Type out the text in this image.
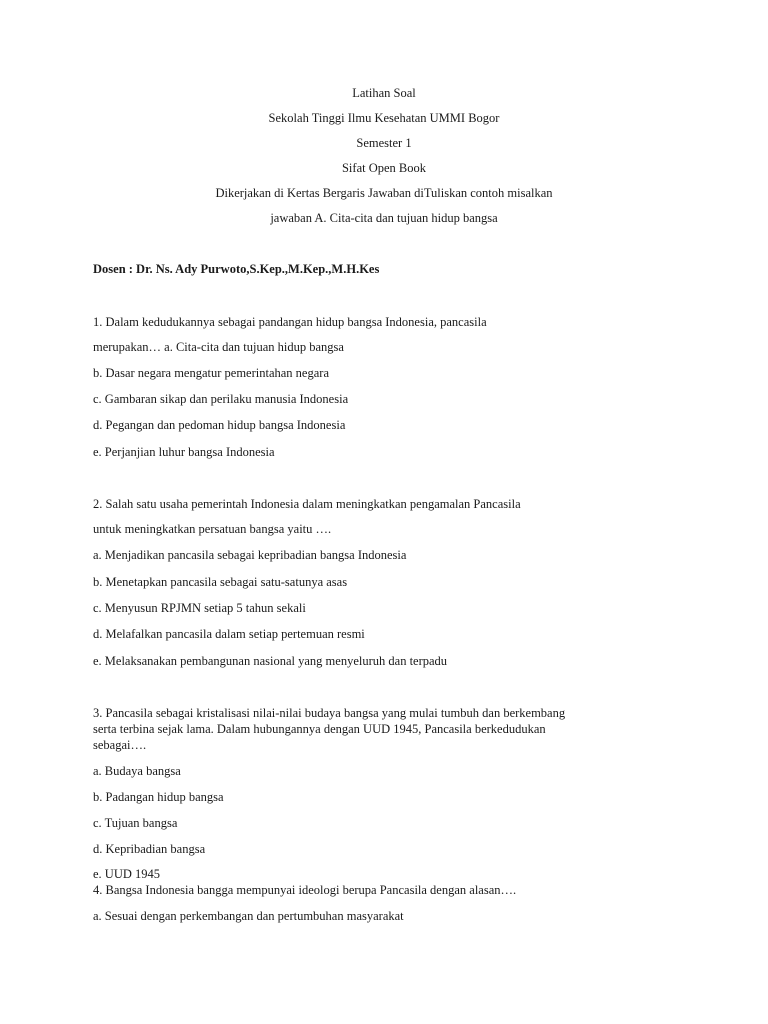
Latihan Soal
Sekolah Tinggi Ilmu Kesehatan UMMI Bogor
Semester 1
Sifat Open Book
Dikerjakan di Kertas Bergaris Jawaban diTuliskan contoh misalkan
jawaban A. Cita-cita dan tujuan hidup bangsa
Dosen : Dr. Ns. Ady Purwoto,S.Kep.,M.Kep.,M.H.Kes
1. Dalam kedudukannya sebagai pandangan hidup bangsa Indonesia, pancasila
merupakan… a. Cita-cita dan tujuan hidup bangsa
b. Dasar negara mengatur pemerintahan negara
c. Gambaran sikap dan perilaku manusia Indonesia
d. Pegangan dan pedoman hidup bangsa Indonesia
e. Perjanjian luhur bangsa Indonesia
2. Salah satu usaha pemerintah Indonesia dalam meningkatkan pengamalan Pancasila
untuk meningkatkan persatuan bangsa yaitu ….
a. Menjadikan pancasila sebagai kepribadian bangsa Indonesia
b. Menetapkan pancasila sebagai satu-satunya asas
c. Menyusun RPJMN setiap 5 tahun sekali
d. Melafalkan pancasila dalam setiap pertemuan resmi
e. Melaksanakan pembangunan nasional yang menyeluruh dan terpadu
3. Pancasila sebagai kristalisasi nilai-nilai budaya bangsa yang mulai tumbuh dan berkembang
serta terbina sejak lama. Dalam hubungannya dengan UUD 1945, Pancasila berkedudukan
sebagai….
a. Budaya bangsa
b. Padangan hidup bangsa
c. Tujuan bangsa
d. Kepribadian bangsa
e. UUD 1945
4. Bangsa Indonesia bangga mempunyai ideologi berupa Pancasila dengan alasan….
a. Sesuai dengan perkembangan dan pertumbuhan masyarakat
